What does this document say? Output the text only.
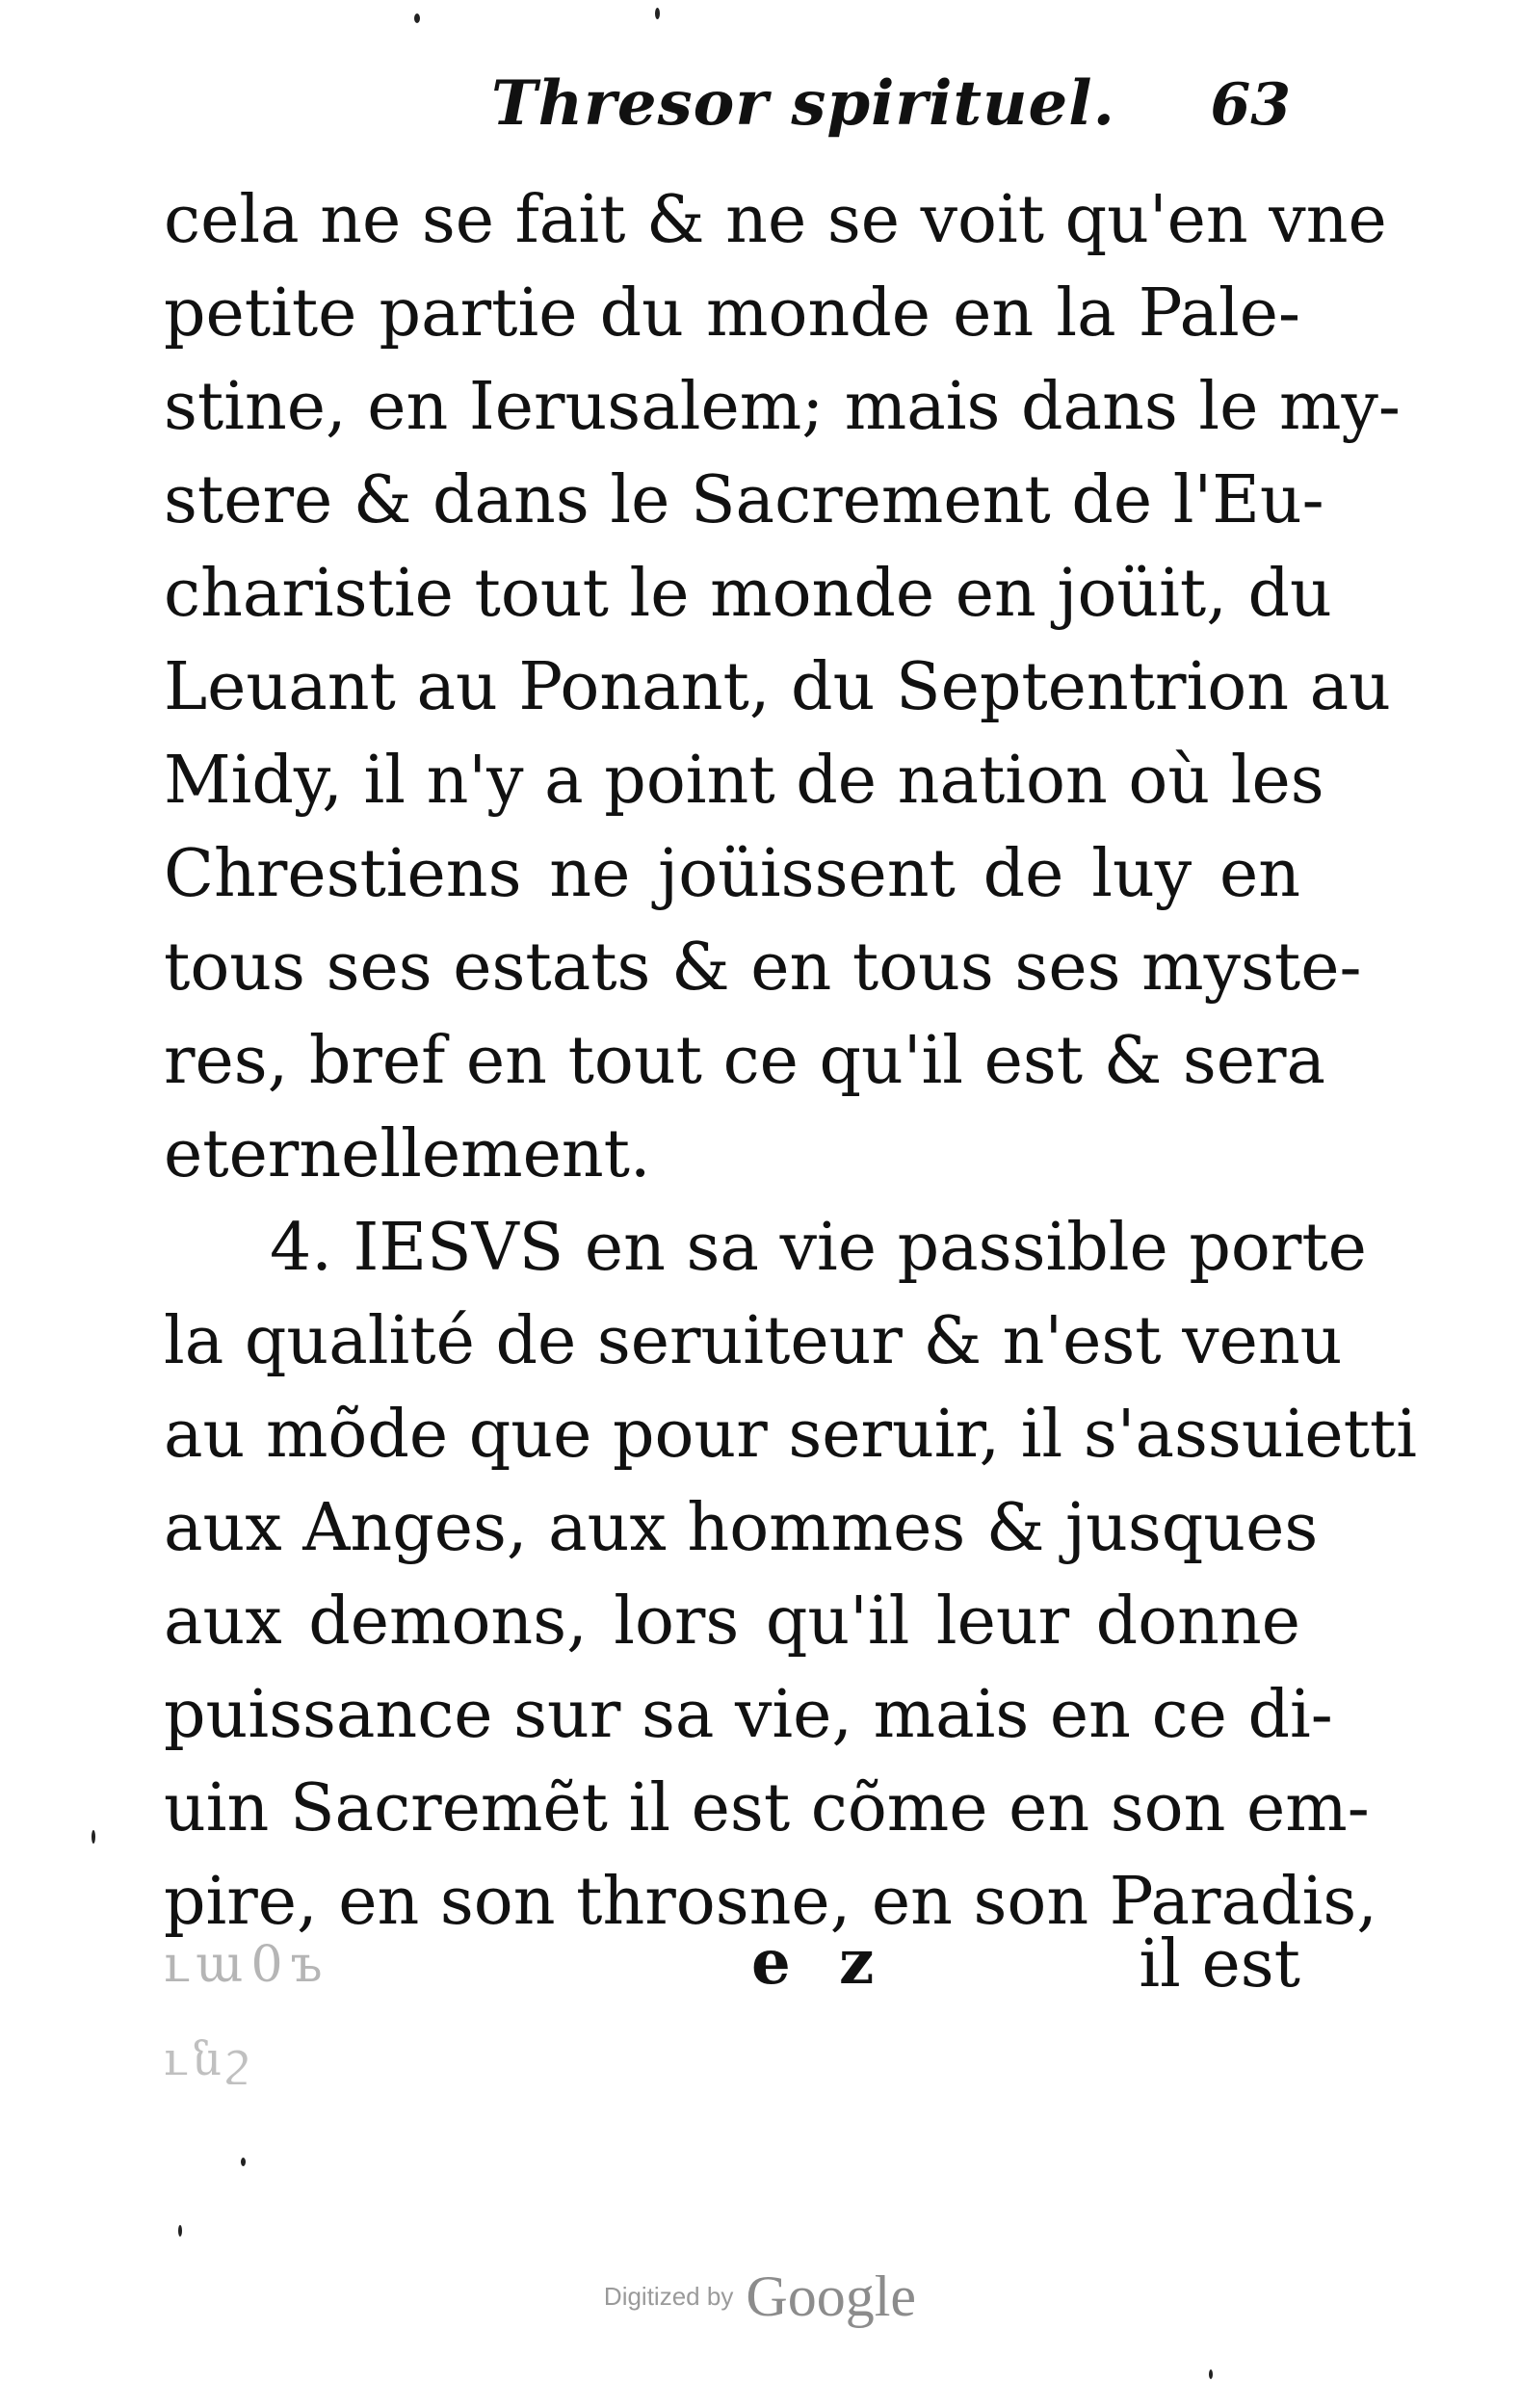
Thresor spirituel. 63
cela ne se fait & ne se voit qu'en vne
petite partie du monde en la Pale-
stine, en Ierusalem; mais dans le my-
stere & dans le Sacrement de l'Eu-
charistie tout le monde en joüit, du
Leuant au Ponant, du Septentrion au
Midy, il n'y a point de nation où les
Chrestiens ne joüissent de luy en
tous ses estats & en tous ses myste-
res, bref en tout ce qu'il est & sera
eternellement.
4. IESVS en sa vie passible porte
la qualité de seruiteur & n'est venu
au mõde que pour seruir, il s'assuietti
aux Anges, aux hommes & jusques
aux demons, lors qu'il leur donne
puissance sur sa vie, mais en ce di-
uin Sacremẽt il est cõme en son em-
pire, en son throsne, en son Paradis,
ւա0ъ	e z	il est
ւնշ
Digitized by Google
